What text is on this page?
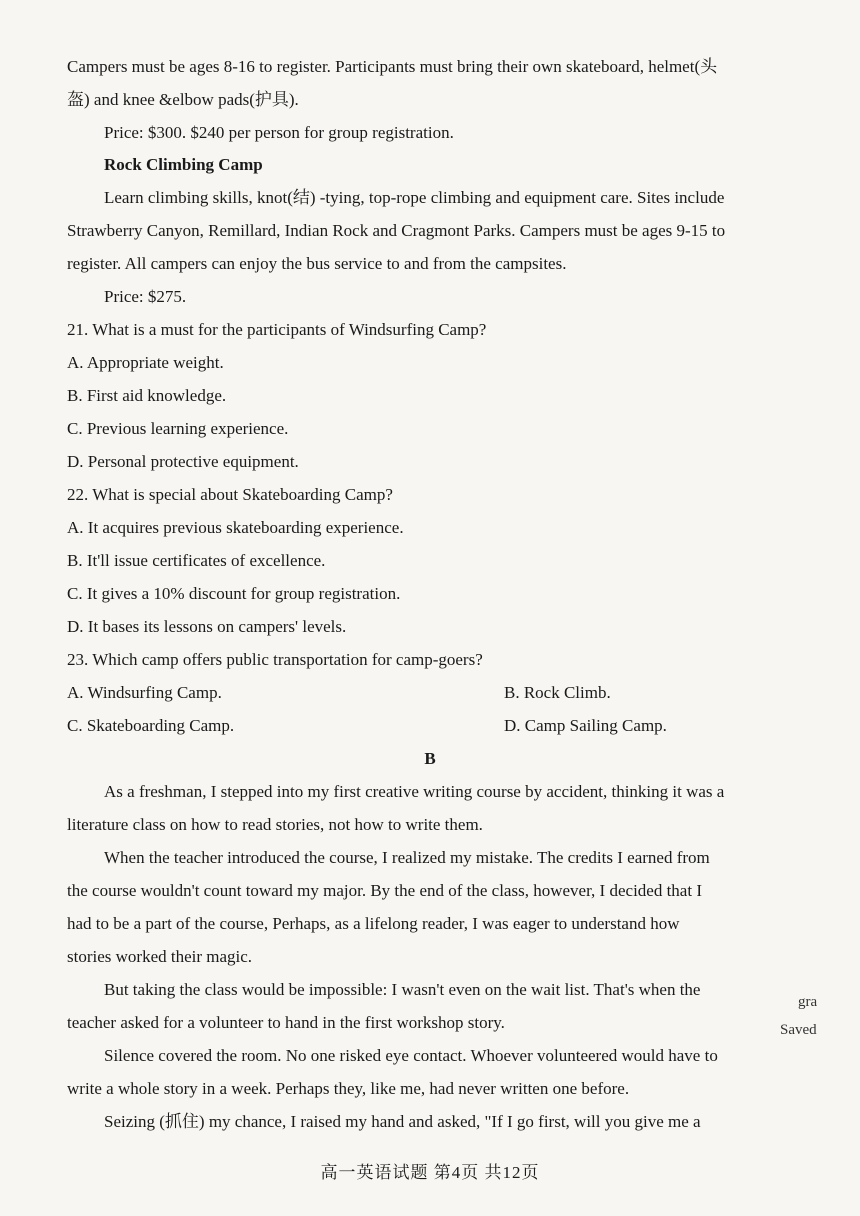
Campers must be ages 8-16 to register. Participants must bring their own skateboard, helmet(头
盔) and knee &elbow pads(护具).
Price: $300. $240 per person for group registration.
Rock Climbing Camp
Learn climbing skills, knot(结) -tying, top-rope climbing and equipment care. Sites include
Strawberry Canyon, Remillard, Indian Rock and Cragmont Parks. Campers must be ages 9-15 to
register. All campers can enjoy the bus service to and from the campsites.
Price: $275.
21. What is a must for the participants of Windsurfing Camp?
A. Appropriate weight.
B. First aid knowledge.
C. Previous learning experience.
D. Personal protective equipment.
22. What is special about Skateboarding Camp?
A. It acquires previous skateboarding experience.
B. It'll issue certificates of excellence.
C. It gives a 10% discount for group registration.
D. It bases its lessons on campers' levels.
23. Which camp offers public transportation for camp-goers?
A. Windsurfing Camp.	B. Rock Climb.
C. Skateboarding Camp.	D. Camp Sailing Camp.
B
As a freshman, I stepped into my first creative writing course by accident, thinking it was a
literature class on how to read stories, not how to write them.
When the teacher introduced the course, I realized my mistake. The credits I earned from
the course wouldn't count toward my major. By the end of the class, however, I decided that I
had to be a part of the course, Perhaps, as a lifelong reader, I was eager to understand how
stories worked their magic.
But taking the class would be impossible: I wasn't even on the wait list. That's when the
teacher asked for a volunteer to hand in the first workshop story.
Silence covered the room. No one risked eye contact. Whoever volunteered would have to
write a whole story in a week. Perhaps they, like me, had never written one before.
Seizing (抓住) my chance, I raised my hand and asked, "If I go first, will you give me a
gra
Saved
高一英语试题 第4页 共12页
